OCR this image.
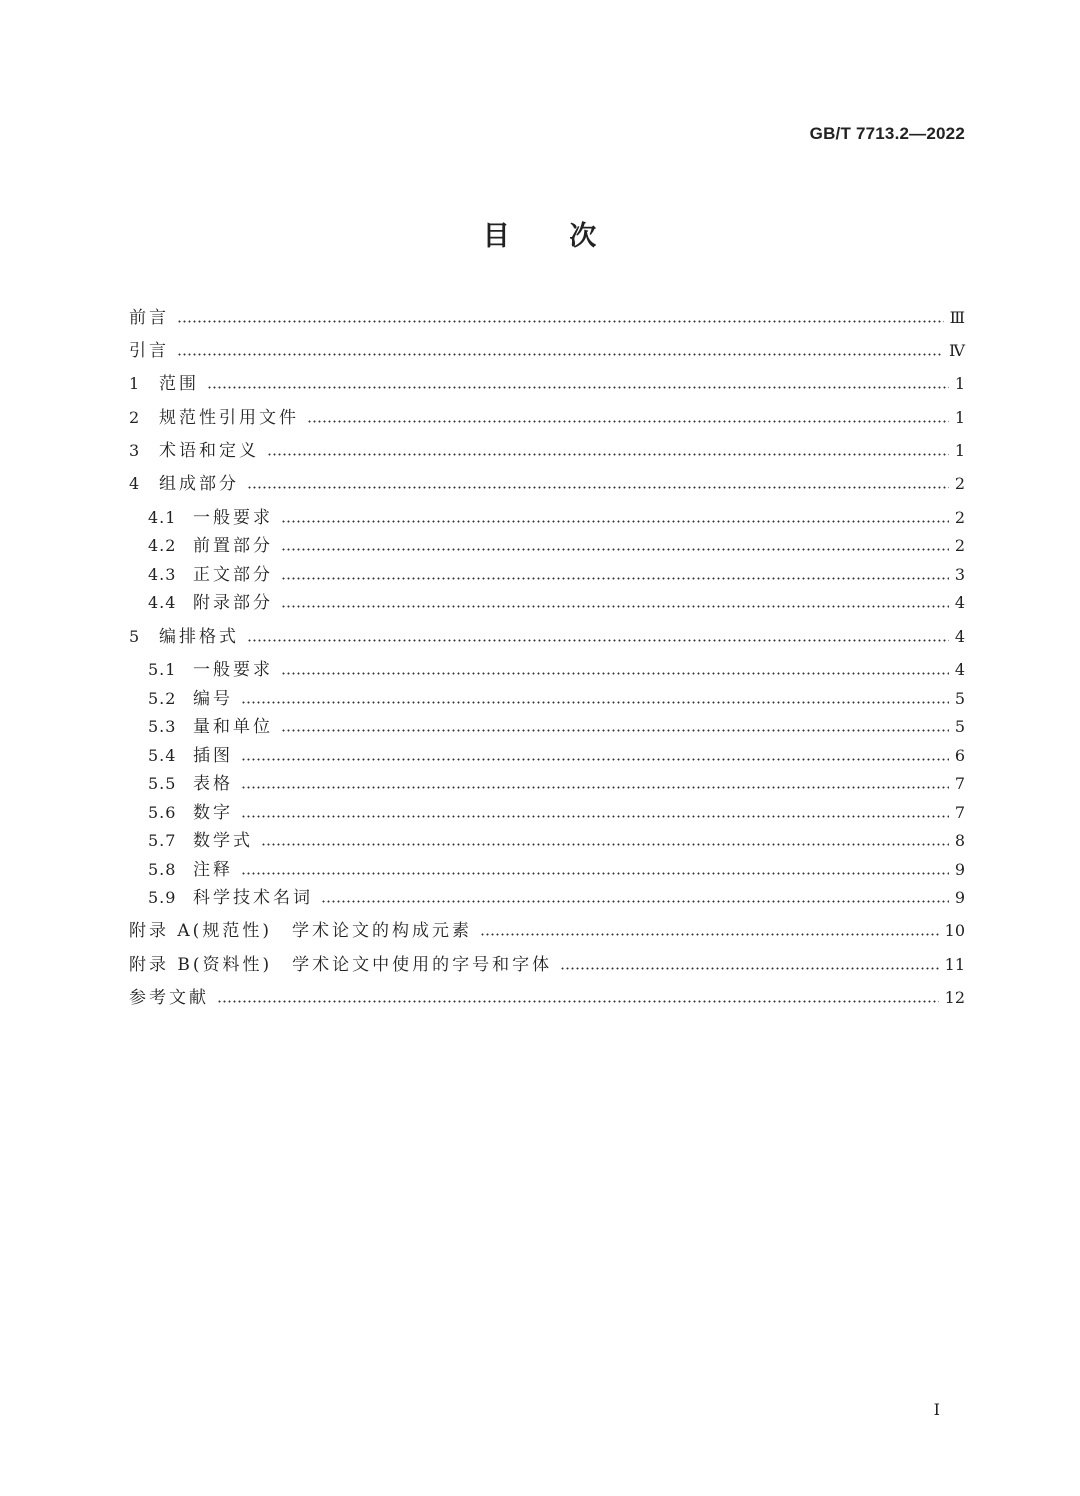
GB/T 7713.2—2022
目 次
前言	Ⅲ
引言	Ⅳ
1	范围	1
2	规范性引用文件	1
3	术语和定义	1
4	组成部分	2
4.1 一般要求	2
4.2 前置部分	2
4.3 正文部分	3
4.4 附录部分	4
5	编排格式	4
5.1 一般要求	4
5.2 编号	5
5.3 量和单位	5
5.4 插图	6
5.5 表格	7
5.6 数字	7
5.7 数学式	8
5.8 注释	9
5.9 科学技术名词	9
附录 A(规范性)　学术论文的构成元素	10
附录 B(资料性)　学术论文中使用的字号和字体	11
参考文献	12
Ⅰ
